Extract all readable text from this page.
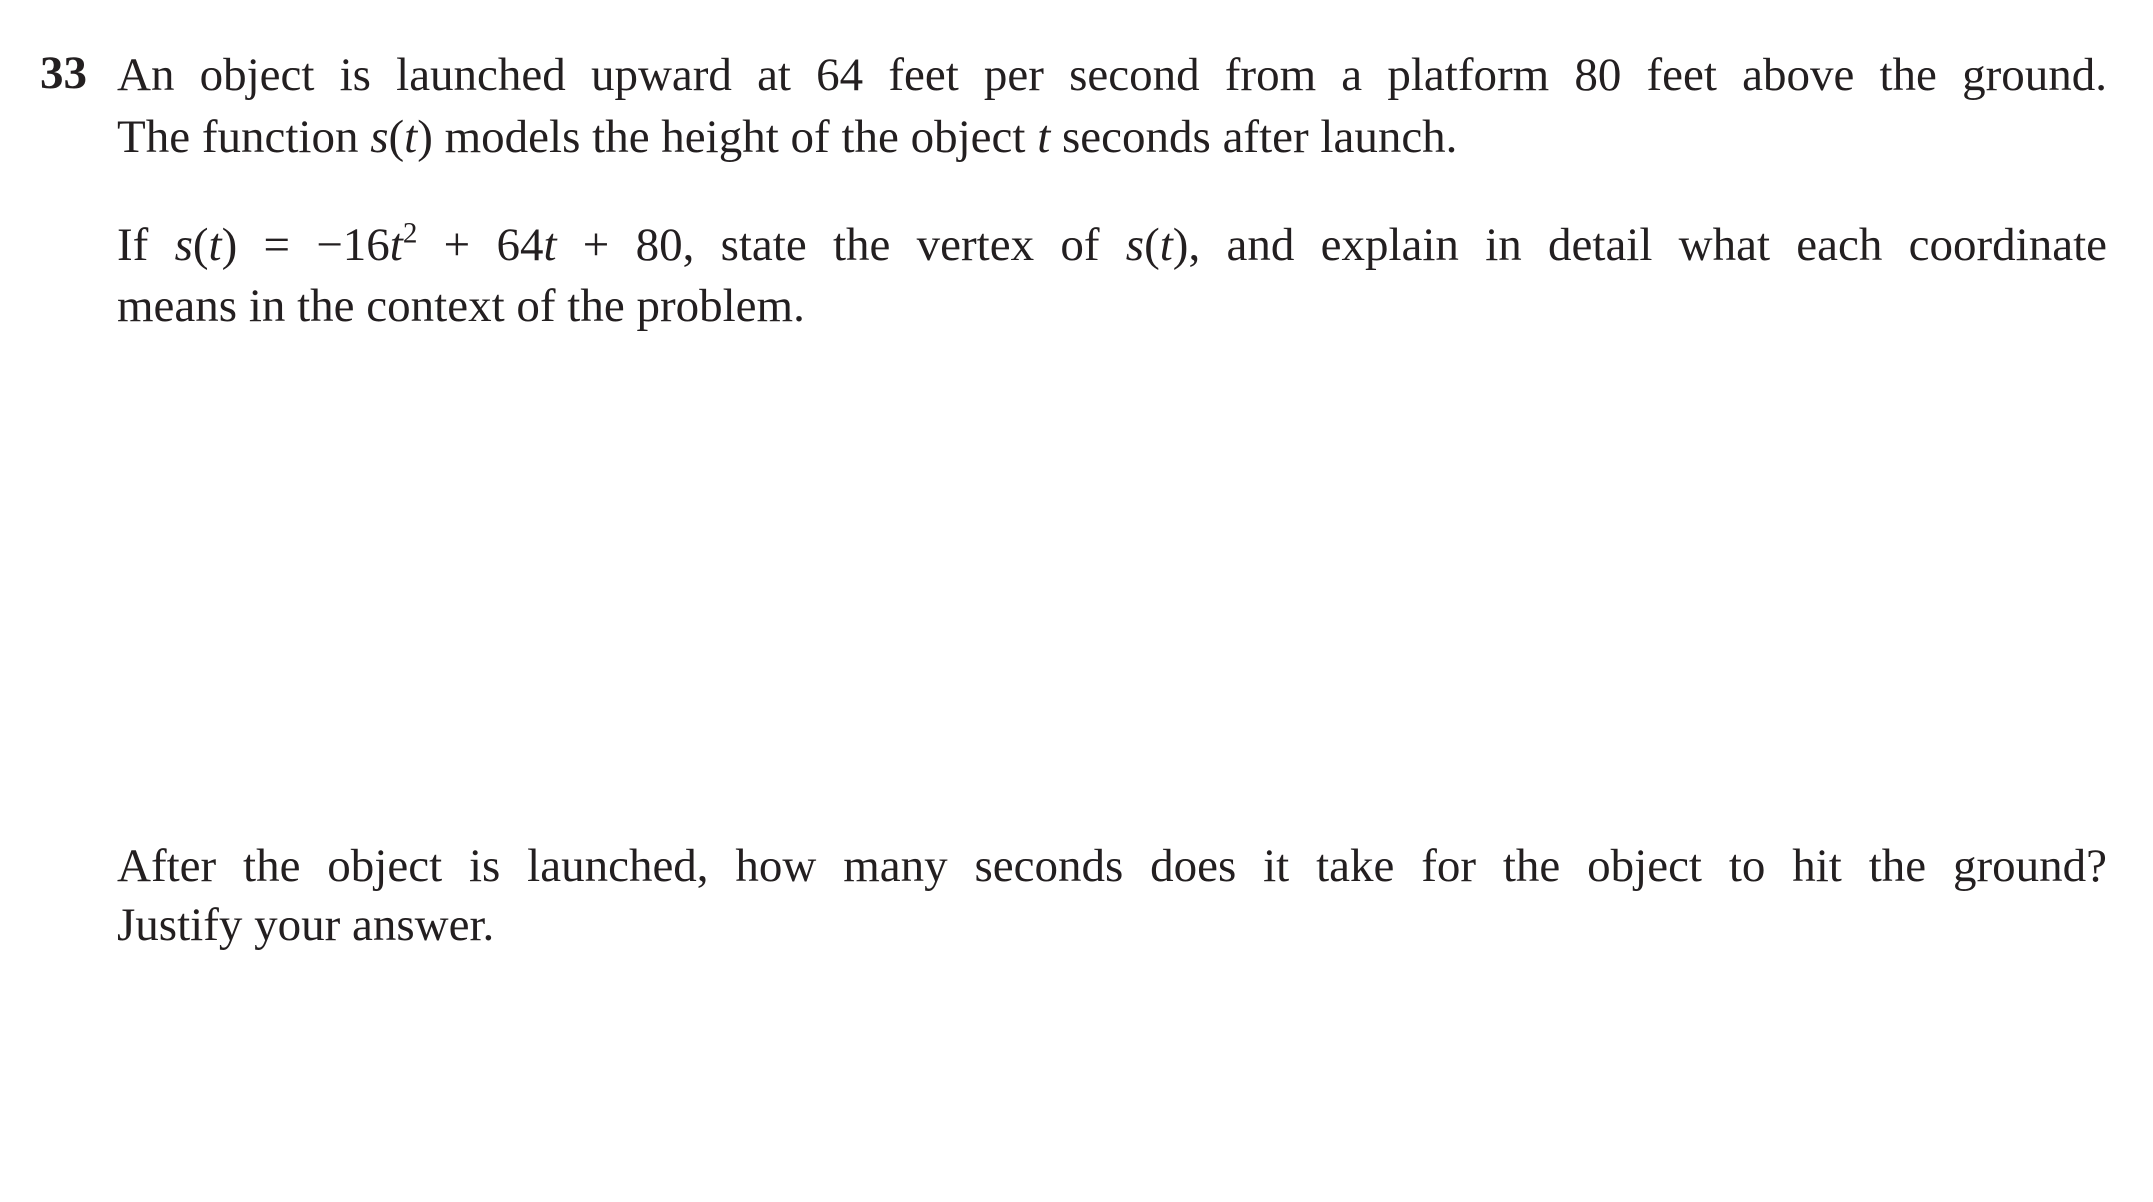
33 An object is launched upward at 64 feet per second from a platform 80 feet above the ground.
The function s(t) models the height of the object t seconds after launch.
If $s(t) = -16t^2 + 64t + 80$, state the vertex of s(t), and explain in detail what each coordinate
means in the context of the problem.
After the object is launched, how many seconds does it take for the object to hit the ground?
Justify your answer.
